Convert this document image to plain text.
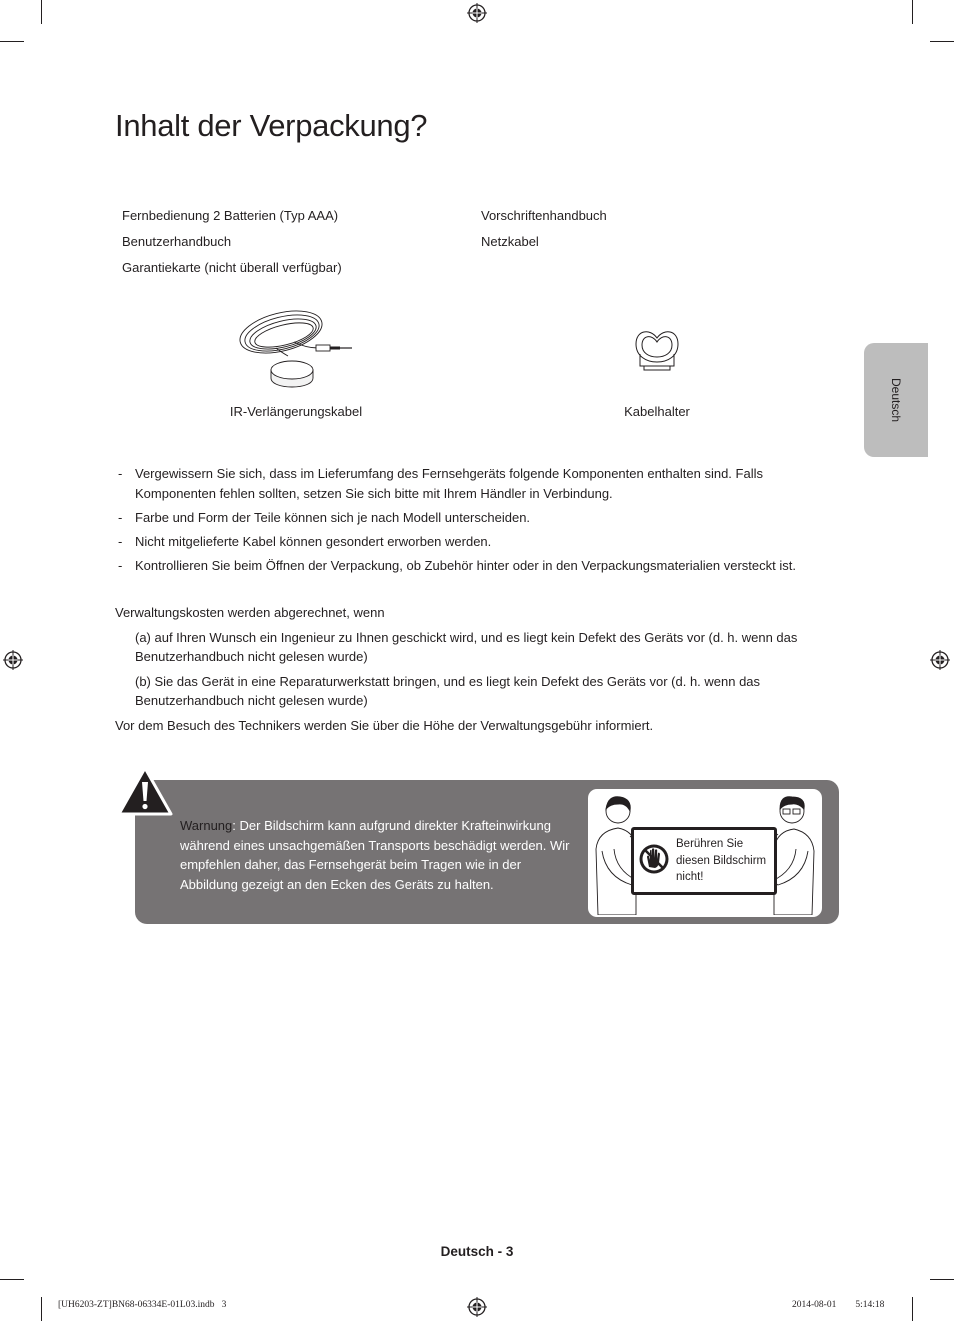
Deutsch
Inhalt der Verpackung?
Fernbedienung 2 Batterien (Typ AAA)
Benutzerhandbuch
Garantiekarte (nicht überall verfügbar)
Vorschriftenhandbuch
Netzkabel
IR-Verlängerungskabel	Kabelhalter
- Vergewissern Sie sich, dass im Lieferumfang des Fernsehgeräts folgende Komponenten enthalten sind. Falls Komponenten fehlen sollten, setzen Sie sich bitte mit Ihrem Händler in Verbindung.
- Farbe und Form der Teile können sich je nach Modell unterscheiden.
- Nicht mitgelieferte Kabel können gesondert erworben werden.
- Kontrollieren Sie beim Öffnen der Verpackung, ob Zubehör hinter oder in den Verpackungsmaterialien versteckt ist.

Verwaltungskosten werden abgerechnet, wenn

(a) auf Ihren Wunsch ein Ingenieur zu Ihnen geschickt wird, und es liegt kein Defekt des Geräts vor (d. h. wenn das Benutzerhandbuch nicht gelesen wurde)

(b) Sie das Gerät in eine Reparaturwerkstatt bringen, und es liegt kein Defekt des Geräts vor (d. h. wenn das Benutzerhandbuch nicht gelesen wurde)

Vor dem Besuch des Technikers werden Sie über die Höhe der Verwaltungsgebühr informiert.

Warnung: Der Bildschirm kann aufgrund direkter Krafteinwirkung während eines unsachgemäßen Transports beschädigt werden. Wir empfehlen daher, das Fernsehgerät beim Tragen wie in der Abbildung gezeigt an den Ecken des Geräts zu halten.
Berühren Sie diesen Bildschirm nicht!
Deutsch - 3
[UH6203-ZT]BN68-06334E-01L03.indb   3	2014-08-01     5:14:18
